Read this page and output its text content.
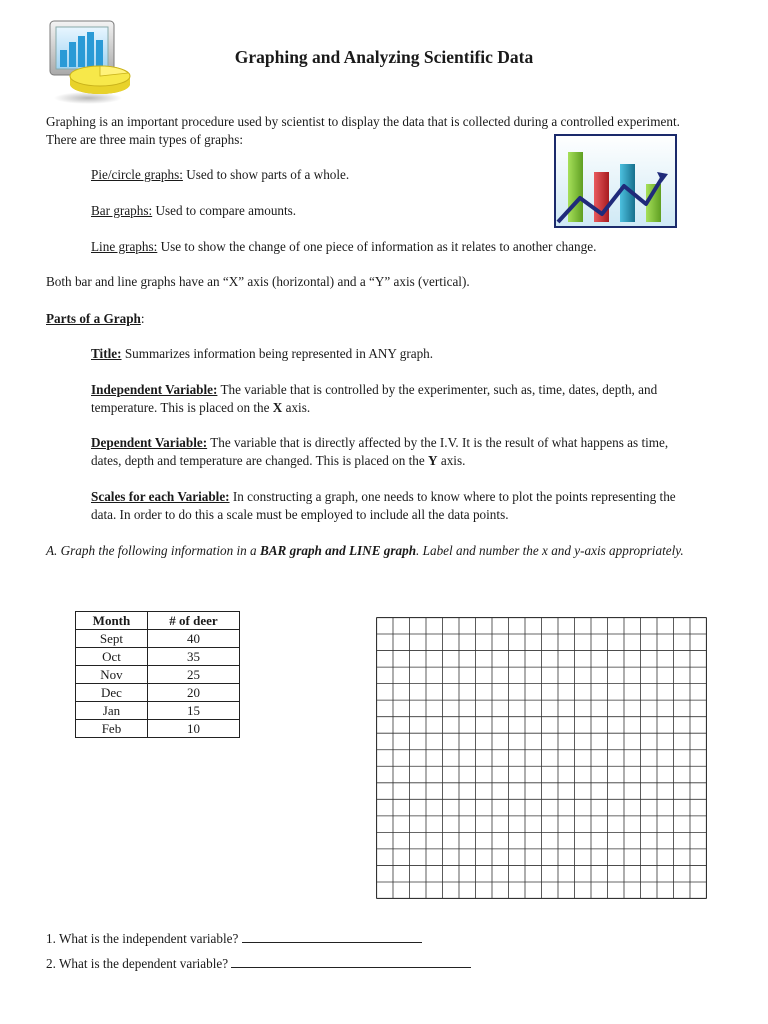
Graphing and Analyzing Scientific Data
Graphing is an important procedure used by scientist to display the data that is collected during a controlled experiment. There are three main types of graphs:
Pie/circle graphs: Used to show parts of a whole.
Bar graphs: Used to compare amounts.
Line graphs: Use to show the change of one piece of information as it relates to another change.
Both bar and line graphs have an “X” axis (horizontal) and a “Y” axis (vertical).
Parts of a Graph:
Title: Summarizes information being represented in ANY graph.
Independent Variable: The variable that is controlled by the experimenter, such as, time, dates, depth, and temperature. This is placed on the X axis.
Dependent Variable: The variable that is directly affected by the I.V. It is the result of what happens as time, dates, depth and temperature are changed. This is placed on the Y axis.
Scales for each Variable: In constructing a graph, one needs to know where to plot the points representing the data. In order to do this a scale must be employed to include all the data points.
A. Graph the following information in a BAR graph and LINE graph. Label and number the x and y-axis appropriately.
Month	# of deer
Sept	40
Oct	35
Nov	25
Dec	20
Jan	15
Feb	10
1. What is the independent variable?
2. What is the dependent variable?
